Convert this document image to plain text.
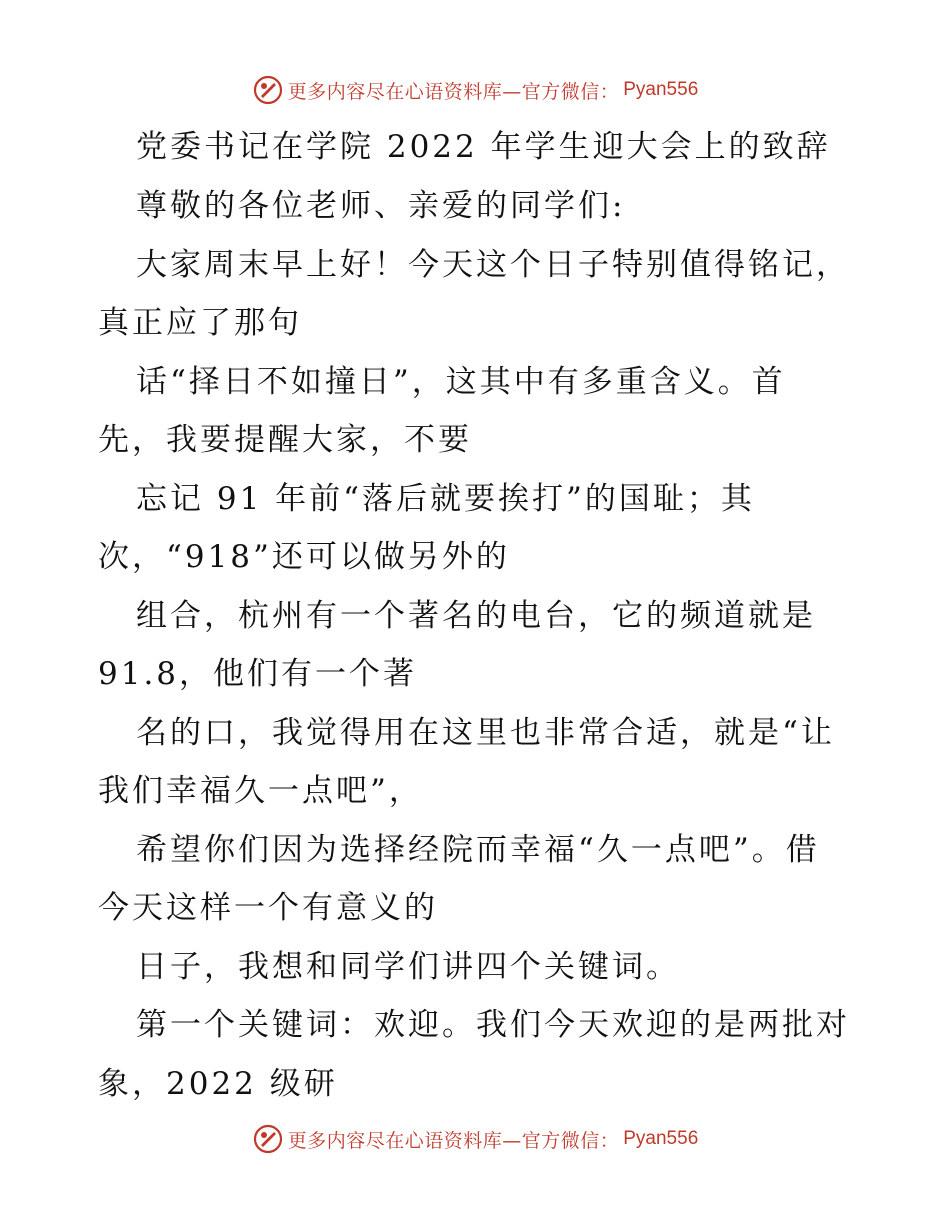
更多内容尽在心语资料库—官方微信： Pyan556
党委书记在学院 2022 年学生迎大会上的致辞
尊敬的各位老师、亲爱的同学们:
大家周末早上好！今天这个日子特别值得铭记，
真正应了那句
话“择日不如撞日”，这其中有多重含义。首
先，我要提醒大家，不要
忘记 91 年前“落后就要挨打”的国耻；其
次，“918”还可以做另外的
组合，杭州有一个著名的电台，它的频道就是
91.8，他们有一个著
名的口，我觉得用在这里也非常合适，就是“让
我们幸福久一点吧”，
希望你们因为选择经院而幸福“久一点吧”。借
今天这样一个有意义的
日子，我想和同学们讲四个关键词。
第一个关键词：欢迎。我们今天欢迎的是两批对
象，2022 级研
更多内容尽在心语资料库—官方微信： Pyan556
